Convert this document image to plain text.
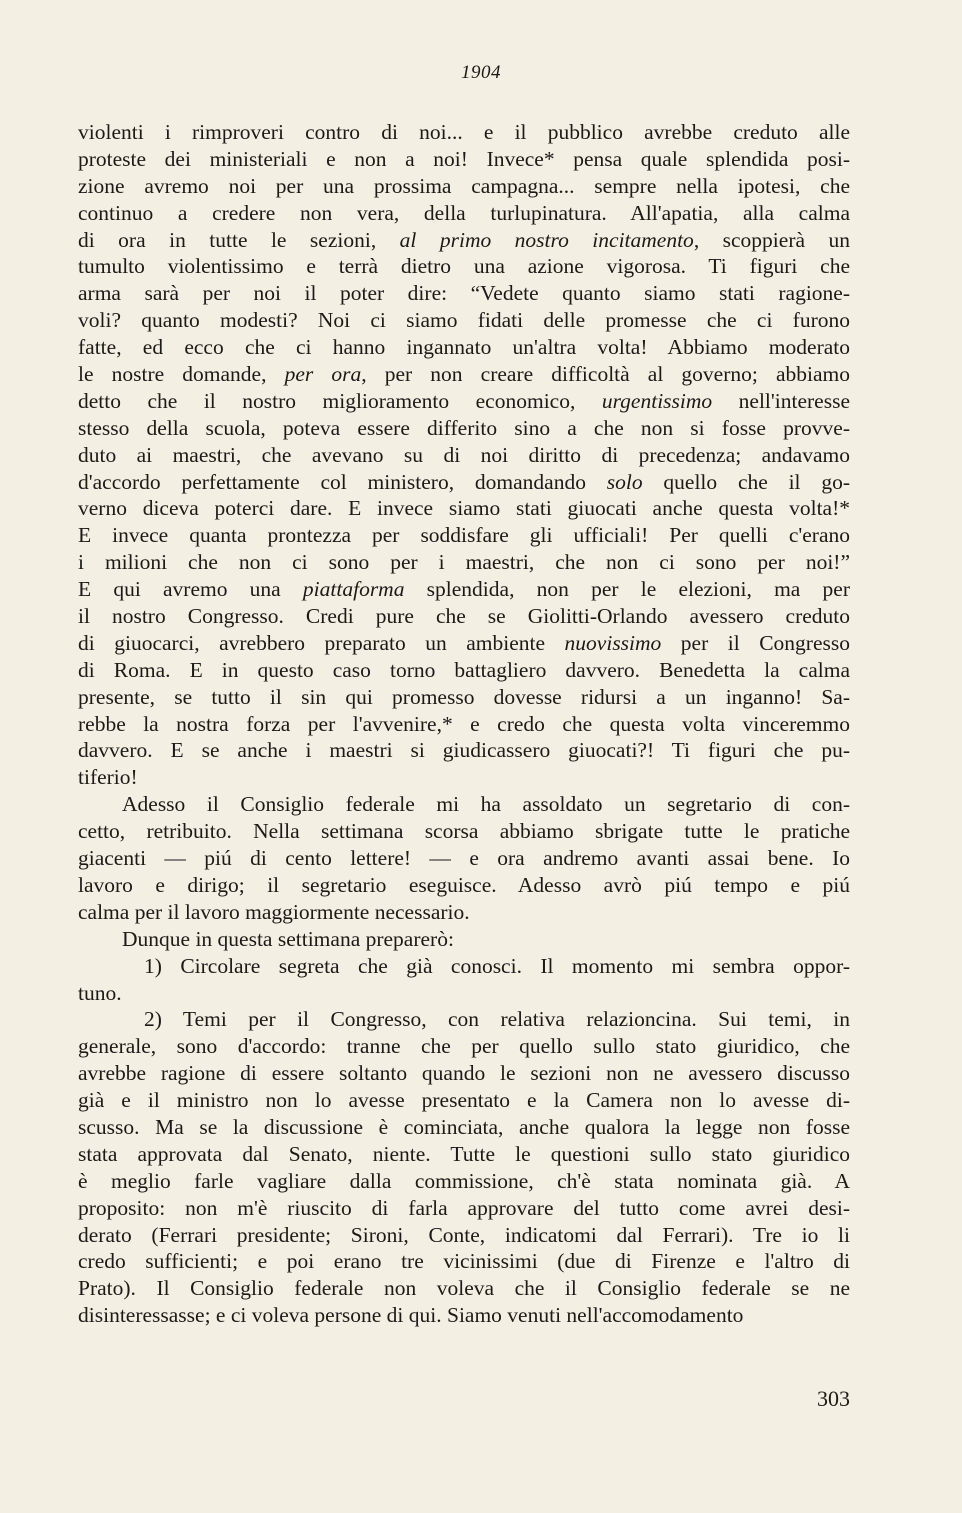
1904
violenti i rimproveri contro di noi... e il pubblico avrebbe creduto alle
proteste dei ministeriali e non a noi! Invece* pensa quale splendida posi-
zione avremo noi per una prossima campagna... sempre nella ipotesi, che
continuo a credere non vera, della turlupinatura. All'apatia, alla calma
di ora in tutte le sezioni, al primo nostro incitamento, scoppierà un
tumulto violentissimo e terrà dietro una azione vigorosa. Ti figuri che
arma sarà per noi il poter dire: “Vedete quanto siamo stati ragione-
voli? quanto modesti? Noi ci siamo fidati delle promesse che ci furono
fatte, ed ecco che ci hanno ingannato un'altra volta! Abbiamo moderato
le nostre domande, per ora, per non creare difficoltà al governo; abbiamo
detto che il nostro miglioramento economico, urgentissimo nell'interesse
stesso della scuola, poteva essere differito sino a che non si fosse provve-
duto ai maestri, che avevano su di noi diritto di precedenza; andavamo
d'accordo perfettamente col ministero, domandando solo quello che il go-
verno diceva poterci dare. E invece siamo stati giuocati anche questa volta!*
E invece quanta prontezza per soddisfare gli ufficiali! Per quelli c'erano
i milioni che non ci sono per i maestri, che non ci sono per noi!”
E qui avremo una piattaforma splendida, non per le elezioni, ma per
il nostro Congresso. Credi pure che se Giolitti-Orlando avessero creduto
di giuocarci, avrebbero preparato un ambiente nuovissimo per il Congresso
di Roma. E in questo caso torno battagliero davvero. Benedetta la calma
presente, se tutto il sin qui promesso dovesse ridursi a un inganno! Sa-
rebbe la nostra forza per l'avvenire,* e credo che questa volta vinceremmo
davvero. E se anche i maestri si giudicassero giuocati?! Ti figuri che pu-
tiferio!
Adesso il Consiglio federale mi ha assoldato un segretario di con-
cetto, retribuito. Nella settimana scorsa abbiamo sbrigate tutte le pratiche
giacenti — piú di cento lettere! — e ora andremo avanti assai bene. Io
lavoro e dirigo; il segretario eseguisce. Adesso avrò piú tempo e piú
calma per il lavoro maggiormente necessario.
Dunque in questa settimana preparerò:
1) Circolare segreta che già conosci. Il momento mi sembra oppor-
tuno.
2) Temi per il Congresso, con relativa relazioncina. Sui temi, in
generale, sono d'accordo: tranne che per quello sullo stato giuridico, che
avrebbe ragione di essere soltanto quando le sezioni non ne avessero discusso
già e il ministro non lo avesse presentato e la Camera non lo avesse di-
scusso. Ma se la discussione è cominciata, anche qualora la legge non fosse
stata approvata dal Senato, niente. Tutte le questioni sullo stato giuridico
è meglio farle vagliare dalla commissione, ch'è stata nominata già. A
proposito: non m'è riuscito di farla approvare del tutto come avrei desi-
derato (Ferrari presidente; Sironi, Conte, indicatomi dal Ferrari). Tre io li
credo sufficienti; e poi erano tre vicinissimi (due di Firenze e l'altro di
Prato). Il Consiglio federale non voleva che il Consiglio federale se ne
disinteressasse; e ci voleva persone di qui. Siamo venuti nell'accomodamento
303
